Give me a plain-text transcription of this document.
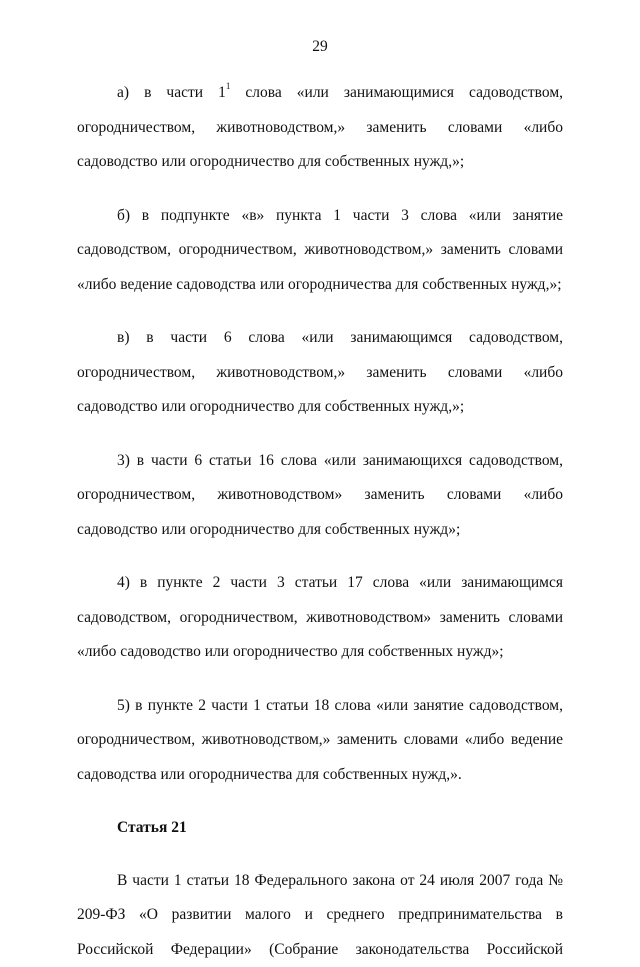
29

а) в части $1^1$ слова «или занимающимися садоводством, огородничеством, животноводством,» заменить словами «либо садоводство или огородничество для собственных нужд,»;

б) в подпункте «в» пункта 1 части 3 слова «или занятие садоводством, огородничеством, животноводством,» заменить словами «либо ведение садоводства или огородничества для собственных нужд,»;

в) в части 6 слова «или занимающимся садоводством, огородничеством, животноводством,» заменить словами «либо садоводство или огородничество для собственных нужд,»;

3) в части 6 статьи 16 слова «или занимающихся садоводством, огородничеством, животноводством» заменить словами «либо садоводство или огородничество для собственных нужд»;

4) в пункте 2 части 3 статьи 17 слова «или занимающимся садоводством, огородничеством, животноводством» заменить словами «либо садоводство или огородничество для собственных нужд»;

5) в пункте 2 части 1 статьи 18 слова «или занятие садоводством, огородничеством, животноводством,» заменить словами «либо ведение садоводства или огородничества для собственных нужд,».

Статья 21

В части 1 статьи 18 Федерального закона от 24 июля 2007 года № 209-ФЗ «О развитии малого и среднего предпринимательства в Российской Федерации» (Собрание законодательства Российской
